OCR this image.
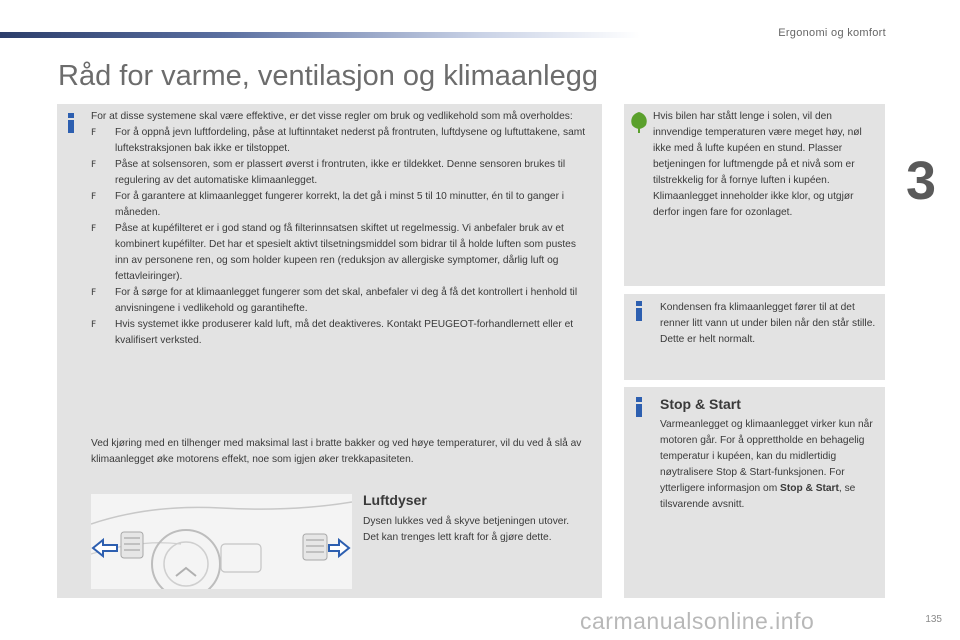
Ergonomi og komfort
3
Råd for varme, ventilasjon og klimaanlegg

For at disse systemene skal være effektive, er det visse regler om bruk og vedlikehold som må overholdes:

F For å oppnå jevn luftfordeling, påse at luftinntaket nederst på frontruten, luftdysene og luftuttakene, samt luftekstraksjonen bak ikke er tilstoppet.
F Påse at solsensoren, som er plassert øverst i frontruten, ikke er tildekket. Denne sensoren brukes til regulering av det automatiske klimaanlegget.
F For å garantere at klimaanlegget fungerer korrekt, la det gå i minst 5 til 10 minutter, én til to ganger i måneden.
F Påse at kupéfilteret er i god stand og få filterinnsatsen skiftet ut regelmessig. Vi anbefaler bruk av et kombinert kupéfilter. Det har et spesielt aktivt tilsetningsmiddel som bidrar til å holde luften som pustes inn av personene ren, og som holder kupeen ren (reduksjon av allergiske symptomer, dårlig luft og fettavleiringer).
F For å sørge for at klimaanlegget fungerer som det skal, anbefaler vi deg å få det kontrollert i henhold til anvisningene i vedlikehold og garantihefte.
F Hvis systemet ikke produserer kald luft, må det deaktiveres. Kontakt PEUGEOT-forhandlernett eller et kvalifisert verksted.
Ved kjøring med en tilhenger med maksimal last i bratte bakker og ved høye temperaturer, vil du ved å slå av klimaanlegget øke motorens effekt, noe som igjen øker trekkapasiteten.
Luftdyser
Dysen lukkes ved å skyve betjeningen utover. Det kan trenges lett kraft for å gjøre dette.
Hvis bilen har stått lenge i solen, vil den innvendige temperaturen være meget høy, nøl ikke med å lufte kupéen en stund. Plasser betjeningen for luftmengde på et nivå som er tilstrekkelig for å fornye luften i kupéen. Klimaanlegget inneholder ikke klor, og utgjør derfor ingen fare for ozonlaget.
Kondensen fra klimaanlegget fører til at det renner litt vann ut under bilen når den står stille. Dette er helt normalt.
Stop & Start
Varmeanlegget og klimaanlegget virker kun når motoren går. For å opprettholde en behagelig temperatur i kupéen, kan du midlertidig nøytralisere Stop & Start-funksjonen. For ytterligere informasjon om Stop & Start, se tilsvarende avsnitt.
carmanualsonline.info	135
